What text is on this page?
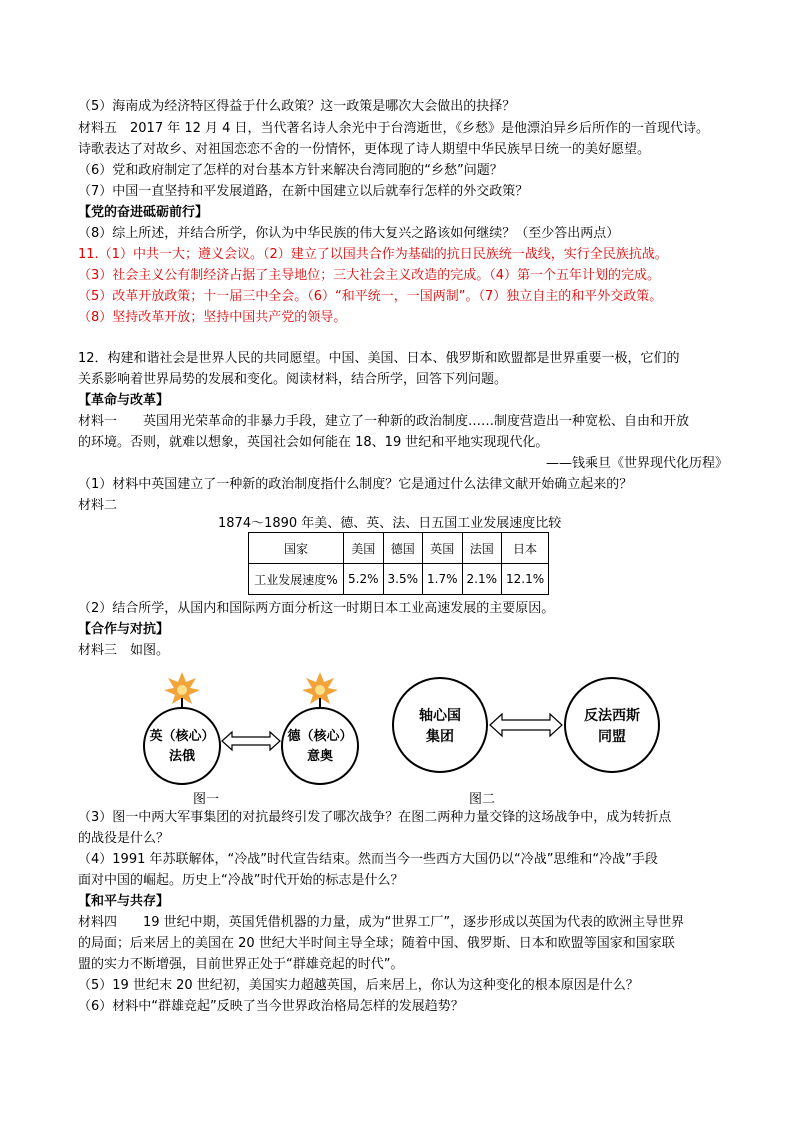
（5）海南成为经济特区得益于什么政策？这一政策是哪次大会做出的抉择？
材料五　2017 年 12 月 4 日，当代著名诗人余光中于台湾逝世，《乡愁》是他漂泊异乡后所作的一首现代诗。
诗歌表达了对故乡、对祖国恋恋不舍的一份情怀，更体现了诗人期望中华民族早日统一的美好愿望。
（6）党和政府制定了怎样的对台基本方针来解决台湾同胞的“乡愁”问题？
（7）中国一直坚持和平发展道路，在新中国建立以后就奉行怎样的外交政策？
【党的奋进砥砺前行】
（8）综上所述，并结合所学，你认为中华民族的伟大复兴之路该如何继续？（至少答出两点）
11.（1）中共一大；遵义会议。（2）建立了以国共合作为基础的抗日民族统一战线，实行全民族抗战。
（3）社会主义公有制经济占据了主导地位；三大社会主义改造的完成。（4）第一个五年计划的完成。
（5）改革开放政策；十一届三中全会。（6）“和平统一，一国两制”。（7）独立自主的和平外交政策。
（8）坚持改革开放；坚持中国共产党的领导。
12．构建和谐社会是世界人民的共同愿望。中国、美国、日本、俄罗斯和欧盟都是世界重要一极，它们的
关系影响着世界局势的发展和变化。阅读材料，结合所学，回答下列问题。
【革命与改革】
材料一　　英国用光荣革命的非暴力手段，建立了一种新的政治制度……制度营造出一种宽松、自由和开放
的环境。否则，就难以想象，英国社会如何能在 18、19 世纪和平地实现现代化。
——钱乘旦《世界现代化历程》
（1）材料中英国建立了一种新的政治制度指什么制度？它是通过什么法律文献开始确立起来的？
材料二
1874～1890 年美、德、英、法、日五国工业发展速度比较
国家	美国	德国	英国	法国	日本
工业发展速度%	5.2%	3.5%	1.7%	2.1%	12.1%
（2）结合所学，从国内和国际两方面分析这一时期日本工业高速发展的主要原因。
【合作与对抗】
材料三　如图。
英（核心）
法俄
德（核心）
意奥
图一
轴心国
集团
反法西斯
同盟
图二
（3）图一中两大军事集团的对抗最终引发了哪次战争？在图二两种力量交锋的这场战争中，成为转折点
的战役是什么？
（4）1991 年苏联解体，“冷战”时代宣告结束。然而当今一些西方大国仍以“冷战”思维和“冷战”手段
面对中国的崛起。历史上“冷战”时代开始的标志是什么？
【和平与共存】
材料四　　19 世纪中期，英国凭借机器的力量，成为“世界工厂”，逐步形成以英国为代表的欧洲主导世界
的局面；后来居上的美国在 20 世纪大半时间主导全球；随着中国、俄罗斯、日本和欧盟等国家和国家联
盟的实力不断增强，目前世界正处于“群雄竞起的时代”。
（5）19 世纪末 20 世纪初，美国实力超越英国，后来居上，你认为这种变化的根本原因是什么？
（6）材料中“群雄竞起”反映了当今世界政治格局怎样的发展趋势？
